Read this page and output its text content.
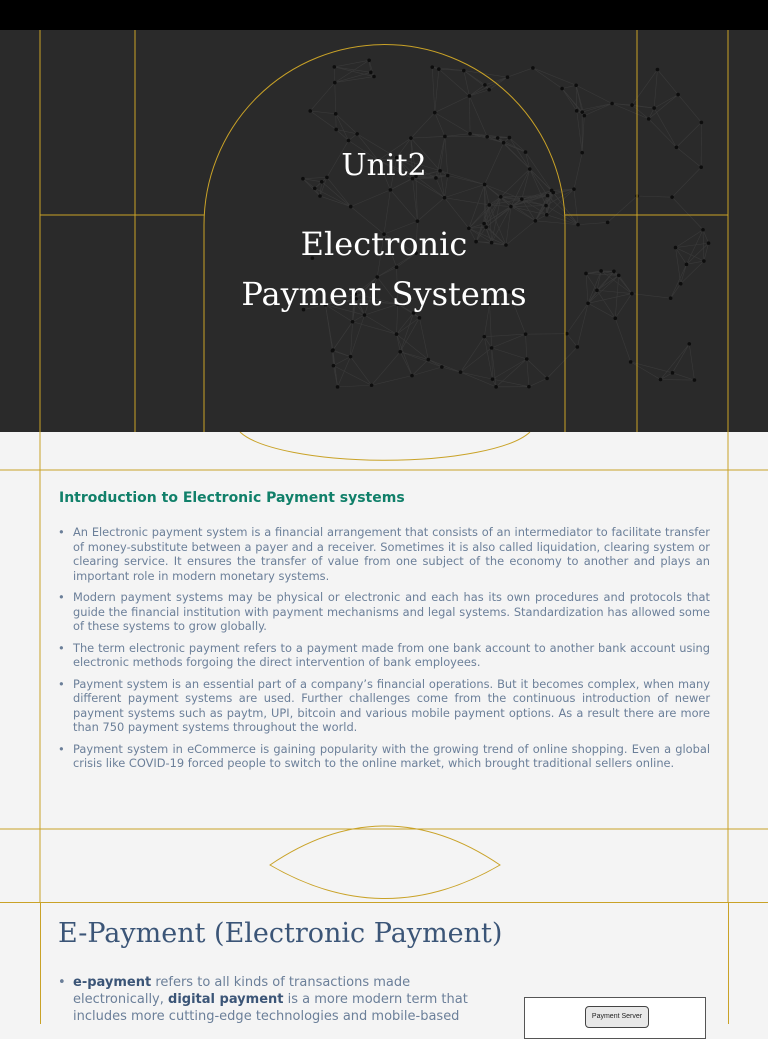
Unit2
Electronic
Payment Systems
Introduction to Electronic Payment systems
• An Electronic payment system is a financial arrangement that consists of an intermediator to facilitate transfer of money-substitute between a payer and a receiver. Sometimes it is also called liquidation, clearing system or clearing service. It ensures the transfer of value from one subject of the economy to another and plays an important role in modern monetary systems.
• Modern payment systems may be physical or electronic and each has its own procedures and protocols that guide the financial institution with payment mechanisms and legal systems. Standardization has allowed some of these systems to grow globally.
• The term electronic payment refers to a payment made from one bank account to another bank account using electronic methods forgoing the direct intervention of bank employees.
• Payment system is an essential part of a company’s financial operations. But it becomes complex, when many different payment systems are used. Further challenges come from the continuous introduction of newer payment systems such as paytm, UPI, bitcoin and various mobile payment options. As a result there are more than 750 payment systems throughout the world.
• Payment system in eCommerce is gaining popularity with the growing trend of online shopping. Even a global crisis like COVID-19 forced people to switch to the online market, which brought traditional sellers online.
E-Payment (Electronic Payment)
• e-payment refers to all kinds of transactions made electronically, digital payment is a more modern term that includes more cutting-edge technologies and mobile-based	Payment Server
